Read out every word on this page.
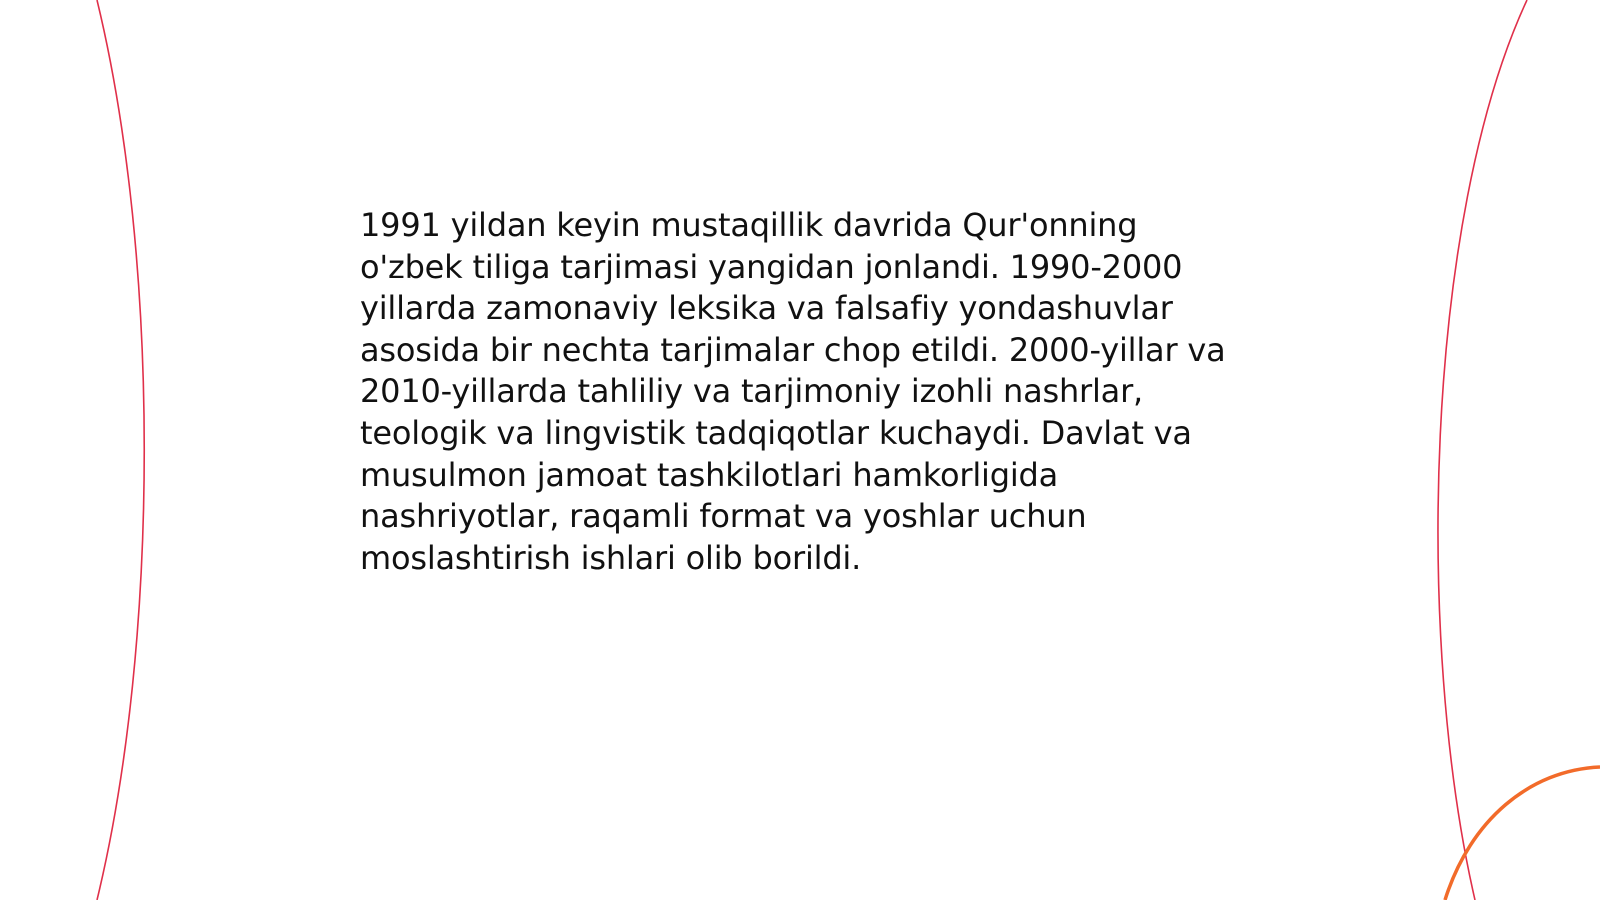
1991 yildan keyin mustaqillik davrida Qur'onning
o'zbek tiliga tarjimasi yangidan jonlandi. 1990-2000
yillarda zamonaviy leksika va falsafiy yondashuvlar
asosida bir nechta tarjimalar chop etildi. 2000-yillar va
2010-yillarda tahliliy va tarjimoniy izohli nashrlar,
teologik va lingvistik tadqiqotlar kuchaydi. Davlat va
musulmon jamoat tashkilotlari hamkorligida
nashriyotlar, raqamli format va yoshlar uchun
moslashtirish ishlari olib borildi.
